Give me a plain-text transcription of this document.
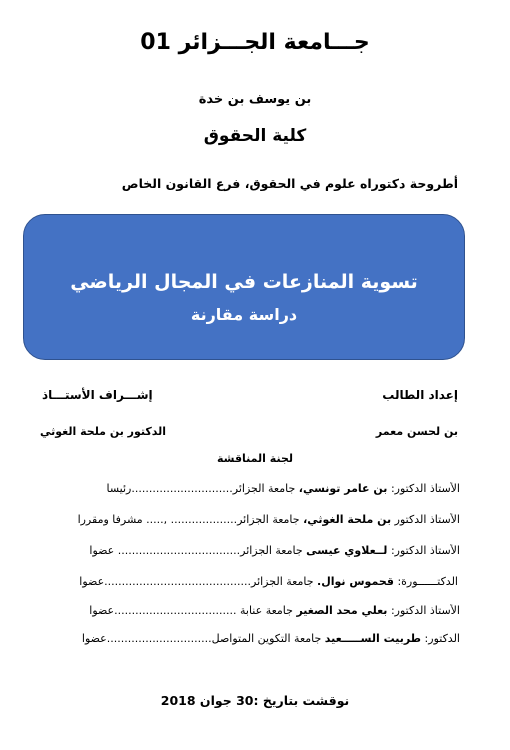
جـــامعة الجـــزائر 01
بن يوسف بن خدة
كلية الحقوق
أطروحة دكتوراه علوم في الحقوق، فرع القانون الخاص
تسوية المنازعات في المجال الرياضي
دراسة مقارنة
إعداد الطالب
إشـــراف الأستـــاذ
بن لحسن معمر
الدكتور بن ملحة الغوثي
لجنة المناقشة
الأستاذ الدكتور: بن عامر تونسي، جامعة الجزائر.............................رئيسا
الأستاذ الدكتور بن ملحة الغوثي، جامعة الجزائر................... ,..... مشرفا ومقررا
الأستاذ الدكتور: لــعلاوي عيسى جامعة الجزائر................................... عضوا
الدكتــــــورة: قحموس نوال. جامعة الجزائر..........................................عضوا
الأستاذ الدكتور: بعلي محد الصغير جامعة عنابة ...................................عضوا
الدكتور: طربيت الســـــعيد جامعة التكوين المتواصل..............................عضوا
نوقشت بتاريخ :30 جوان 2018
